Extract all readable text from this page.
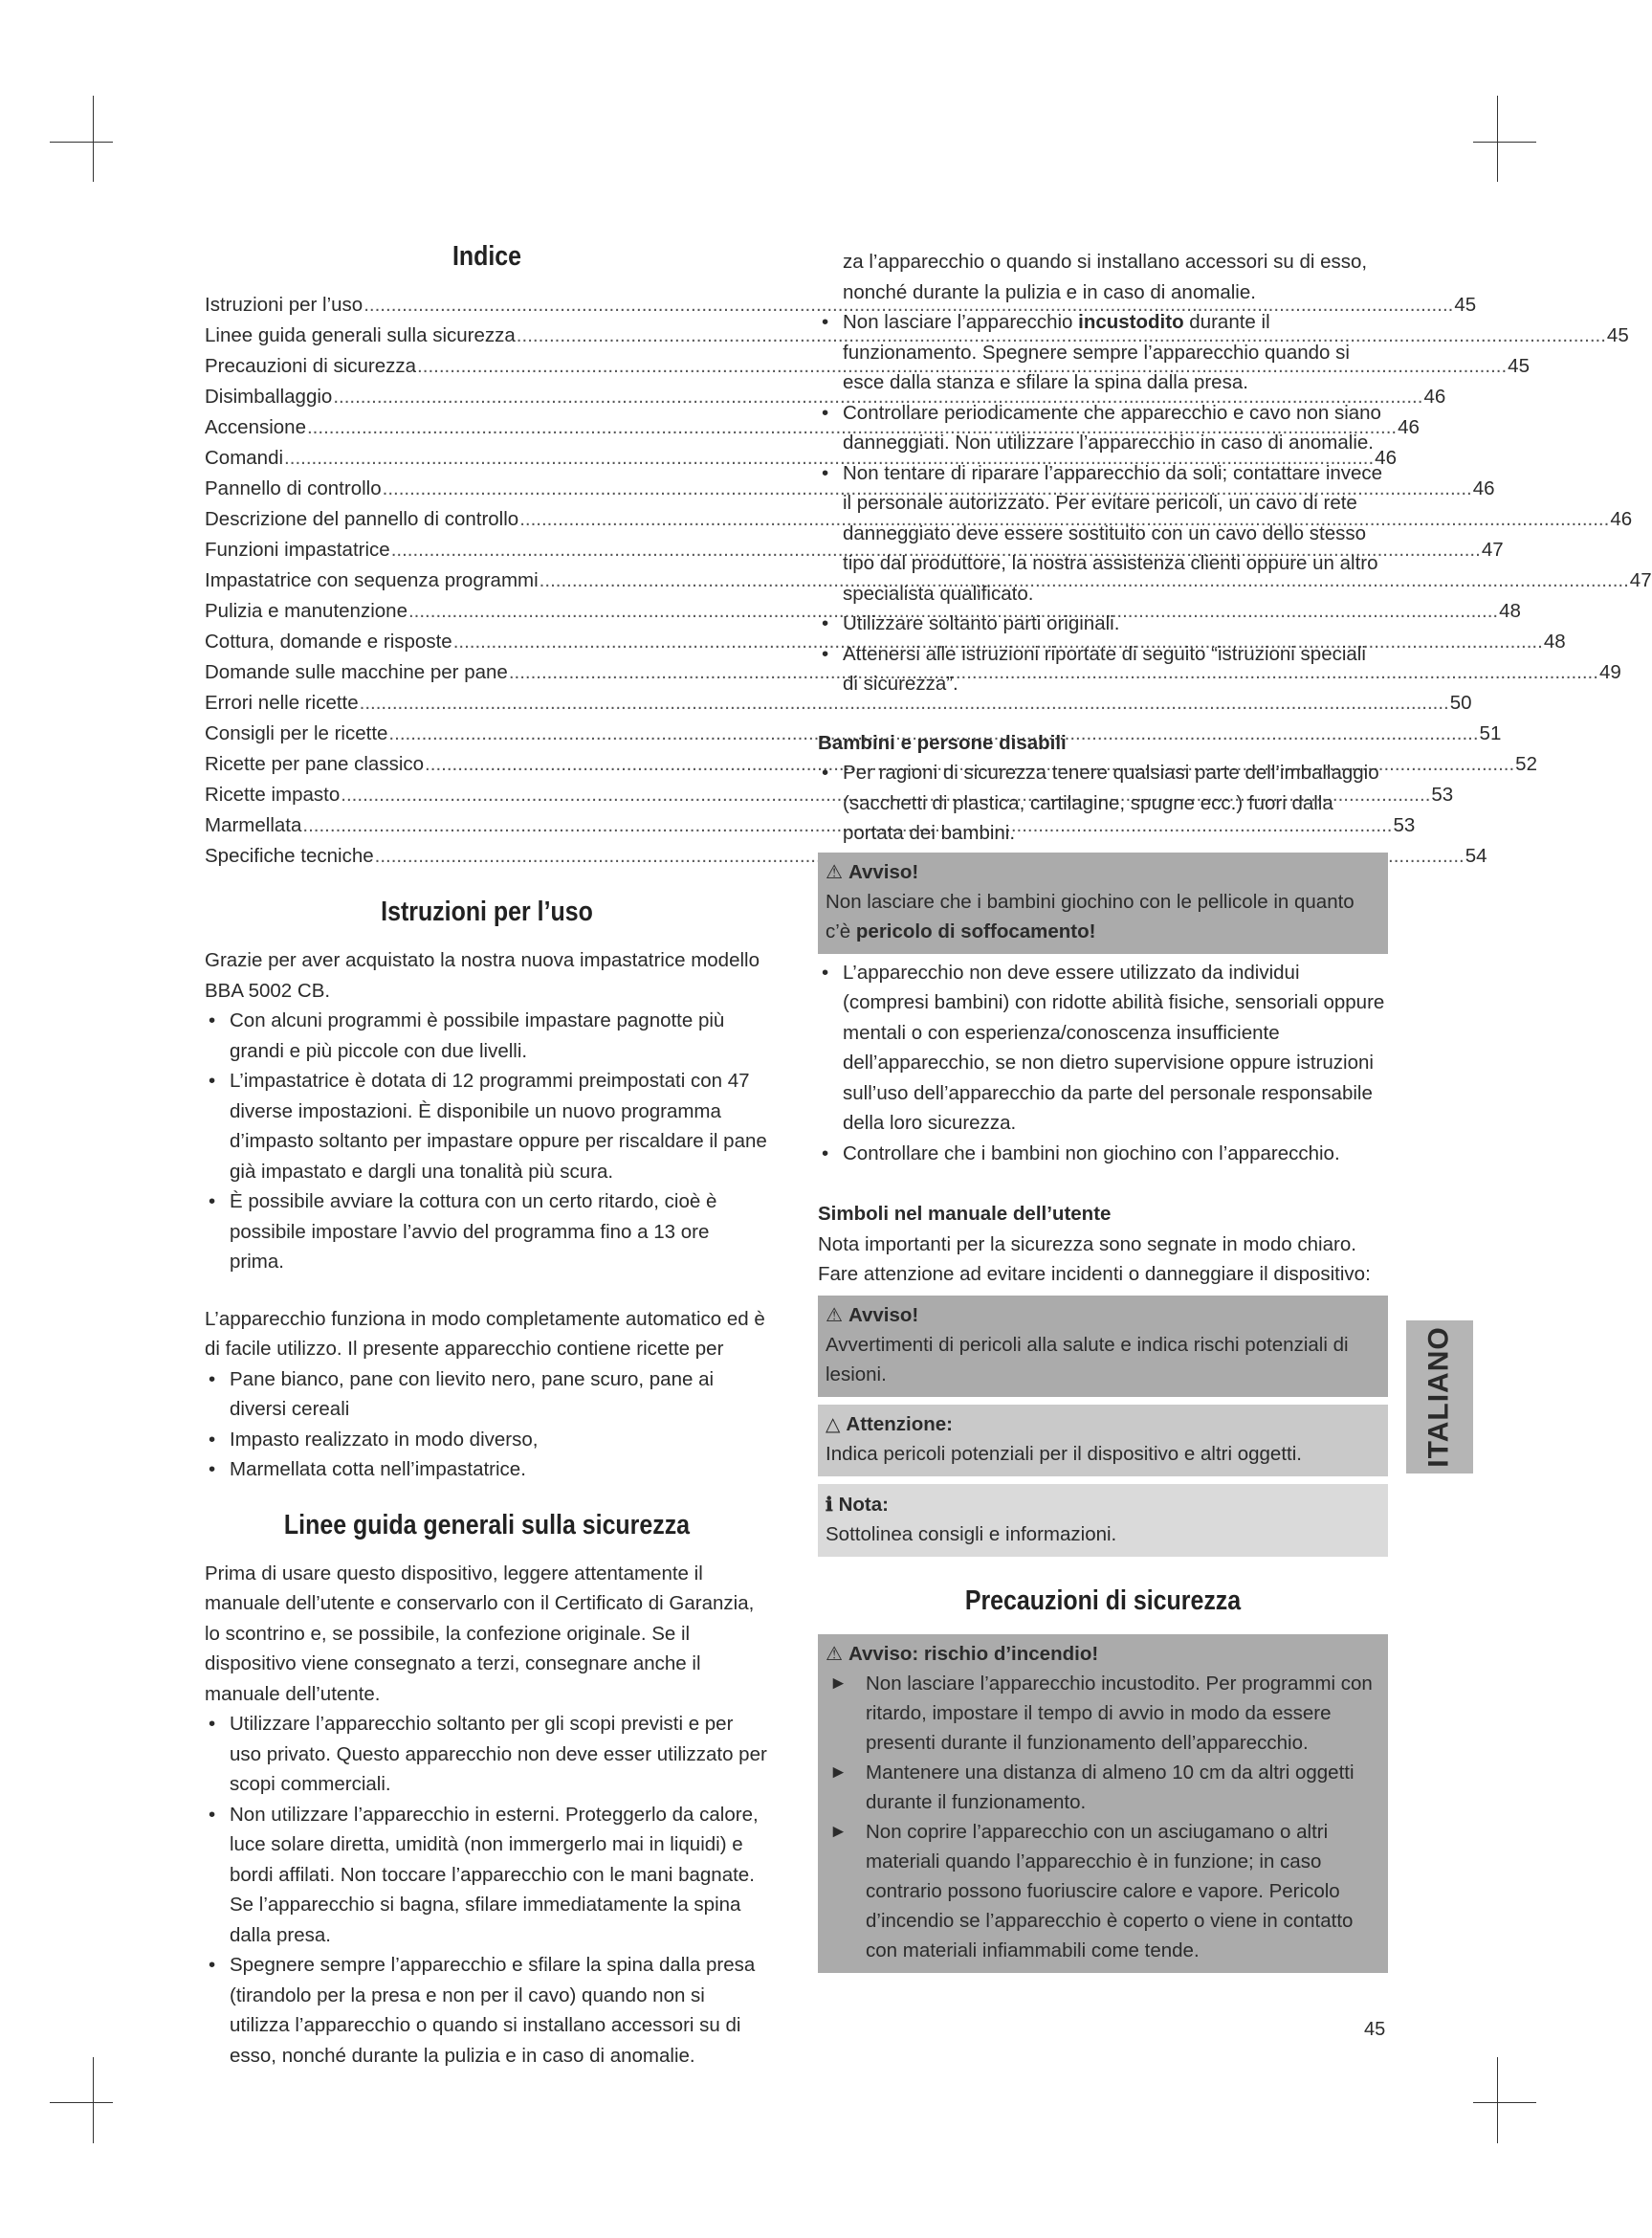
Indice
Istruzioni per l’uso .....	45
Linee guida generali sulla sicurezza .....	45
Precauzioni di sicurezza .....	45
Disimballaggio .....	46
Accensione .....	46
Comandi .....	46
Pannello di controllo .....	46
Descrizione del pannello di controllo .....	46
Funzioni impastatrice .....	47
Impastatrice con sequenza programmi .....	47
Pulizia e manutenzione .....	48
Cottura, domande e risposte .....	48
Domande sulle macchine per pane .....	49
Errori nelle ricette .....	50
Consigli per le ricette .....	51
Ricette per pane classico .....	52
Ricette impasto .....	53
Marmellata .....	53
Specifiche tecniche .....	54
Istruzioni per l’uso

Grazie per aver acquistato la nostra nuova impastatrice modello BBA 5002 CB.

• Con alcuni programmi è possibile impastare pagnotte più grandi e più piccole con due livelli.
• L’impastatrice è dotata di 12 programmi preimpostati con 47 diverse impostazioni. È disponibile un nuovo programma d’impasto soltanto per impastare oppure per riscaldare il pane già impastato e dargli una tonalità più scura.
• È possibile avviare la cottura con un certo ritardo, cioè è possibile impostare l’avvio del programma fino a 13 ore prima.

L’apparecchio funziona in modo completamente automatico ed è di facile utilizzo. Il presente apparecchio contiene ricette per

• Pane bianco, pane con lievito nero, pane scuro, pane ai diversi cereali
• Impasto realizzato in modo diverso,
• Marmellata cotta nell’impastatrice.
Linee guida generali sulla sicurezza

Prima di usare questo dispositivo, leggere attentamente il manuale dell’utente e conservarlo con il Certificato di Garanzia, lo scontrino e, se possibile, la confezione originale. Se il dispositivo viene consegnato a terzi, consegnare anche il manuale dell’utente.

• Utilizzare l’apparecchio soltanto per gli scopi previsti e per uso privato. Questo apparecchio non deve esser utilizzato per scopi commerciali.
• Non utilizzare l’apparecchio in esterni. Proteggerlo da calore, luce solare diretta, umidità (non immergerlo mai in liquidi) e bordi affilati. Non toccare l’apparecchio con le mani bagnate. Se l’apparecchio si bagna, sfilare immediatamente la spina dalla presa.
• Spegnere sempre l’apparecchio e sfilare la spina dalla presa (tirandolo per la presa e non per il cavo) quando non si utilizza l’apparecchio o quando si installano accessori su di esso, nonché durante la pulizia e in caso di anomalie.

za l’apparecchio o quando si installano accessori su di esso, nonché durante la pulizia e in caso di anomalie.

• Non lasciare l’apparecchio incustodito durante il funzionamento. Spegnere sempre l’apparecchio quando si esce dalla stanza e sfilare la spina dalla presa.
• Controllare periodicamente che apparecchio e cavo non siano danneggiati. Non utilizzare l’apparecchio in caso di anomalie.
• Non tentare di riparare l’apparecchio da soli; contattare invece il personale autorizzato. Per evitare pericoli, un cavo di rete danneggiato deve essere sostituito con un cavo dello stesso tipo dal produttore, la nostra assistenza clienti oppure un altro specialista qualificato.
• Utilizzare soltanto parti originali.
• Attenersi alle istruzioni riportate di seguito “istruzioni speciali di sicurezza”.

Bambini e persone disabili

• Per ragioni di sicurezza tenere qualsiasi parte dell’imballaggio (sacchetti di plastica, cartilagine, spugne ecc.) fuori dalla portata dei bambini.
⚠ Avviso!
Non lasciare che i bambini giochino con le pellicole in quanto c’è pericolo di soffocamento!
• L’apparecchio non deve essere utilizzato da individui (compresi bambini) con ridotte abilità fisiche, sensoriali oppure mentali o con esperienza/conoscenza insufficiente dell’apparecchio, se non dietro supervisione oppure istruzioni sull’uso dell’apparecchio da parte del personale responsabile della loro sicurezza.
• Controllare che i bambini non giochino con l’apparecchio.

Simboli nel manuale dell’utente

Nota importanti per la sicurezza sono segnate in modo chiaro. Fare attenzione ad evitare incidenti o danneggiare il dispositivo:

⚠ Avviso!
Avvertimenti di pericoli alla salute e indica rischi potenziali di lesioni.
△ Attenzione:
Indica pericoli potenziali per il dispositivo e altri oggetti.
ℹ Nota:
Sottolinea consigli e informazioni.
Precauzioni di sicurezza
⚠ Avviso: rischio d’incendio!
► Non lasciare l’apparecchio incustodito. Per programmi con ritardo, impostare il tempo di avvio in modo da essere presenti durante il funzionamento dell’apparecchio.
► Mantenere una distanza di almeno 10 cm da altri oggetti durante il funzionamento.
► Non coprire l’apparecchio con un asciugamano o altri materiali quando l’apparecchio è in funzione; in caso contrario possono fuoriuscire calore e vapore. Pericolo d’incendio se l’apparecchio è coperto o viene in contatto con materiali infiammabili come tende.
ITALIANO
45
